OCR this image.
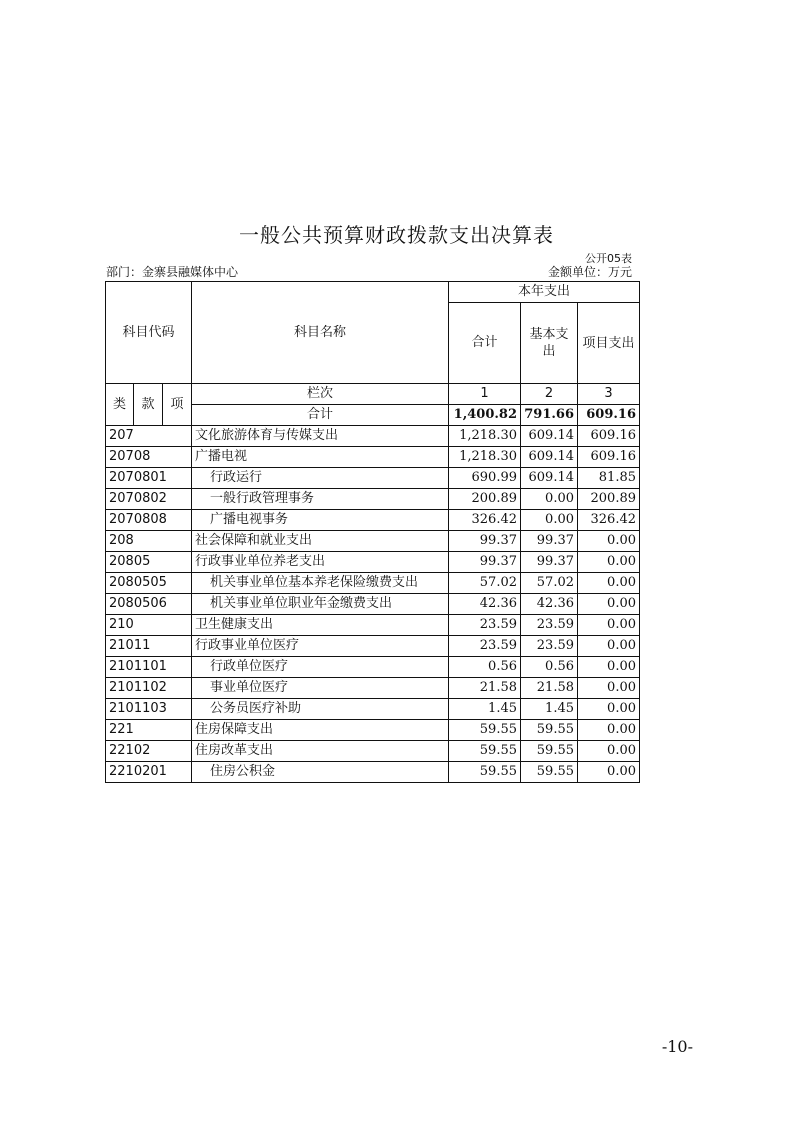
一般公共预算财政拨款支出决算表
公开05表
部门：金寨县融媒体中心	金额单位：万元
科目代码			科目名称	本年支出		
				合计	基本支出	项目支出

类	款	项	栏次	1	2	3
			合计	1,400.82	791.66	609.16
207			文化旅游体育与传媒支出	1,218.30	609.14	609.16
20708			广播电视	1,218.30	609.14	609.16
2070801			行政运行	690.99	609.14	81.85
2070802			一般行政管理事务	200.89	0.00	200.89
2070808			广播电视事务	326.42	0.00	326.42
208			社会保障和就业支出	99.37	99.37	0.00
20805			行政事业单位养老支出	99.37	99.37	0.00
2080505			机关事业单位基本养老保险缴费支出	57.02	57.02	0.00
2080506			机关事业单位职业年金缴费支出	42.36	42.36	0.00
210			卫生健康支出	23.59	23.59	0.00
21011			行政事业单位医疗	23.59	23.59	0.00
2101101			行政单位医疗	0.56	0.56	0.00
2101102			事业单位医疗	21.58	21.58	0.00
2101103			公务员医疗补助	1.45	1.45	0.00
221			住房保障支出	59.55	59.55	0.00
22102			住房改革支出	59.55	59.55	0.00
2210201			住房公积金	59.55	59.55	0.00
-10-
